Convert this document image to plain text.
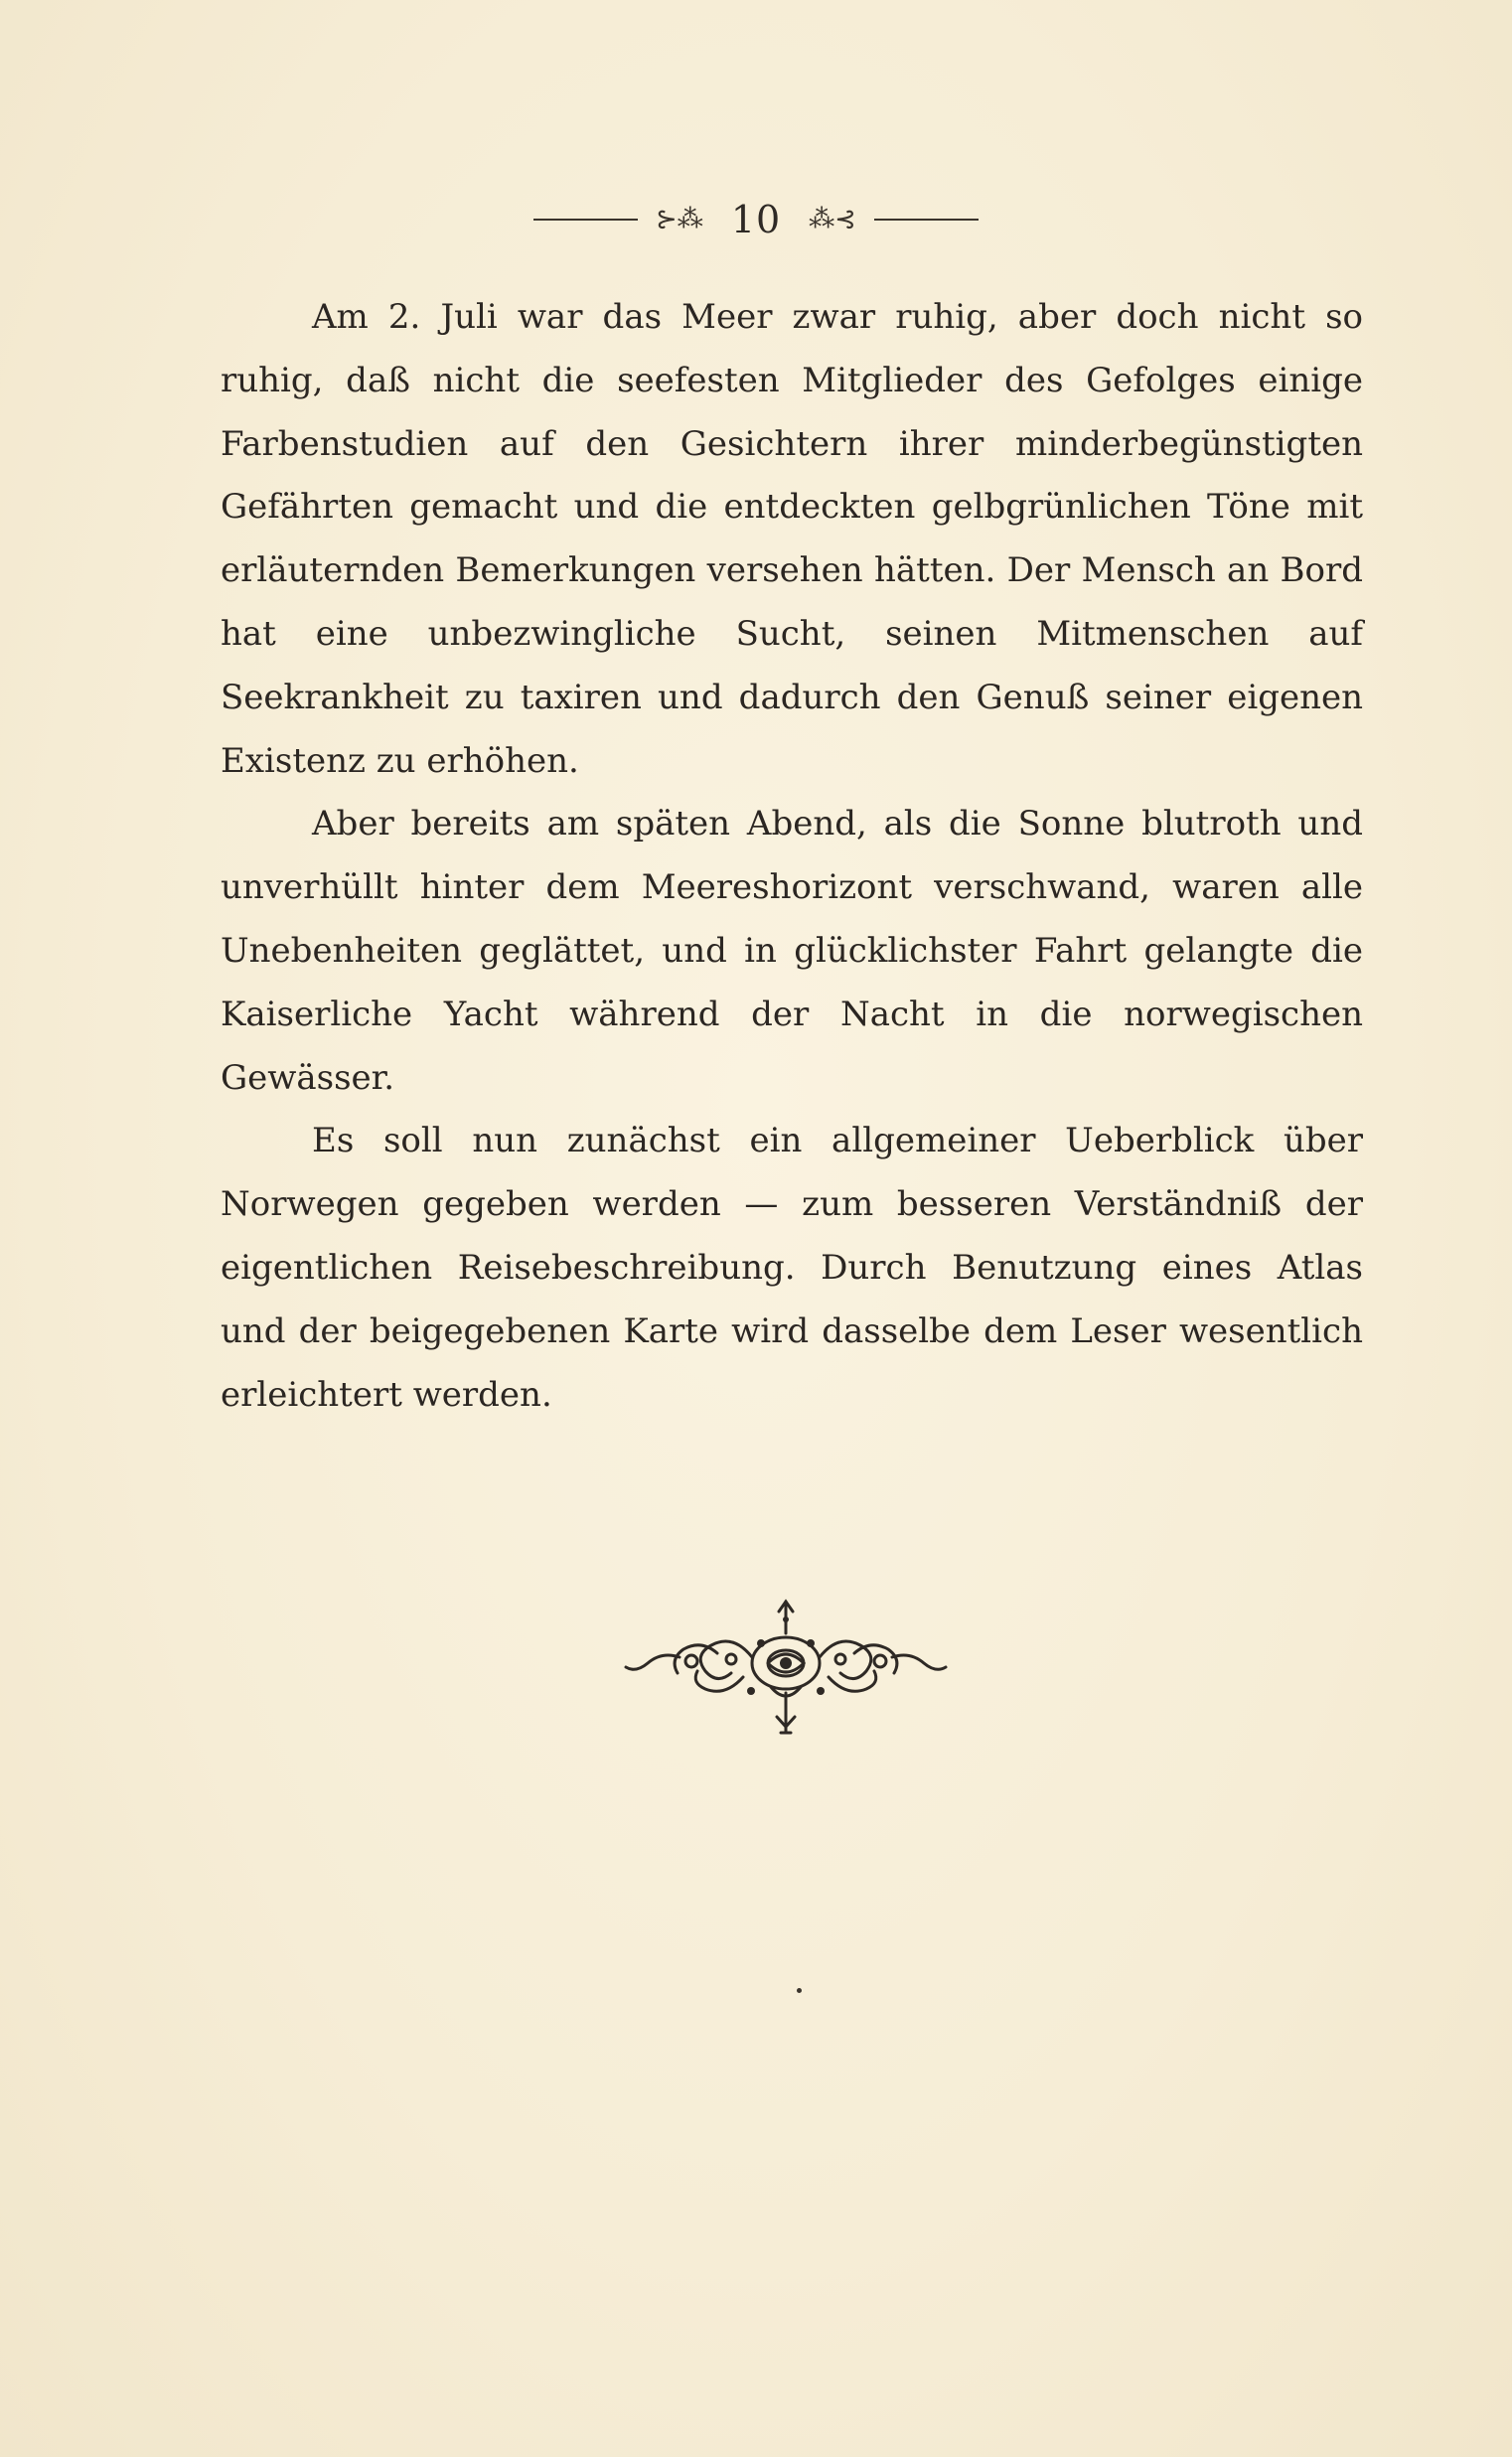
⊱⁂ 10	⁂⊰

Am 2. Juli war das Meer zwar ruhig, aber doch nicht so ruhig, daß nicht die seefesten Mitglieder des Gefolges einige Farbenstudien auf den Gesichtern ihrer minderbegünstigten Gefährten gemacht und die entdeckten gelbgrünlichen Töne mit erläuternden Bemerkungen versehen hätten. Der Mensch an Bord hat eine unbezwingliche Sucht, seinen Mitmenschen auf Seekrankheit zu taxiren und dadurch den Genuß seiner eigenen Existenz zu erhöhen.

Aber bereits am späten Abend, als die Sonne blutroth und unverhüllt hinter dem Meereshorizont verschwand, waren alle Unebenheiten geglättet, und in glücklichster Fahrt gelangte die Kaiserliche Yacht während der Nacht in die norwegischen Gewässer.

Es soll nun zunächst ein allgemeiner Ueberblick über Norwegen gegeben werden — zum besseren Verständniß der eigentlichen Reisebeschreibung. Durch Benutzung eines Atlas und der beigegebenen Karte wird dasselbe dem Leser wesentlich erleichtert werden.
